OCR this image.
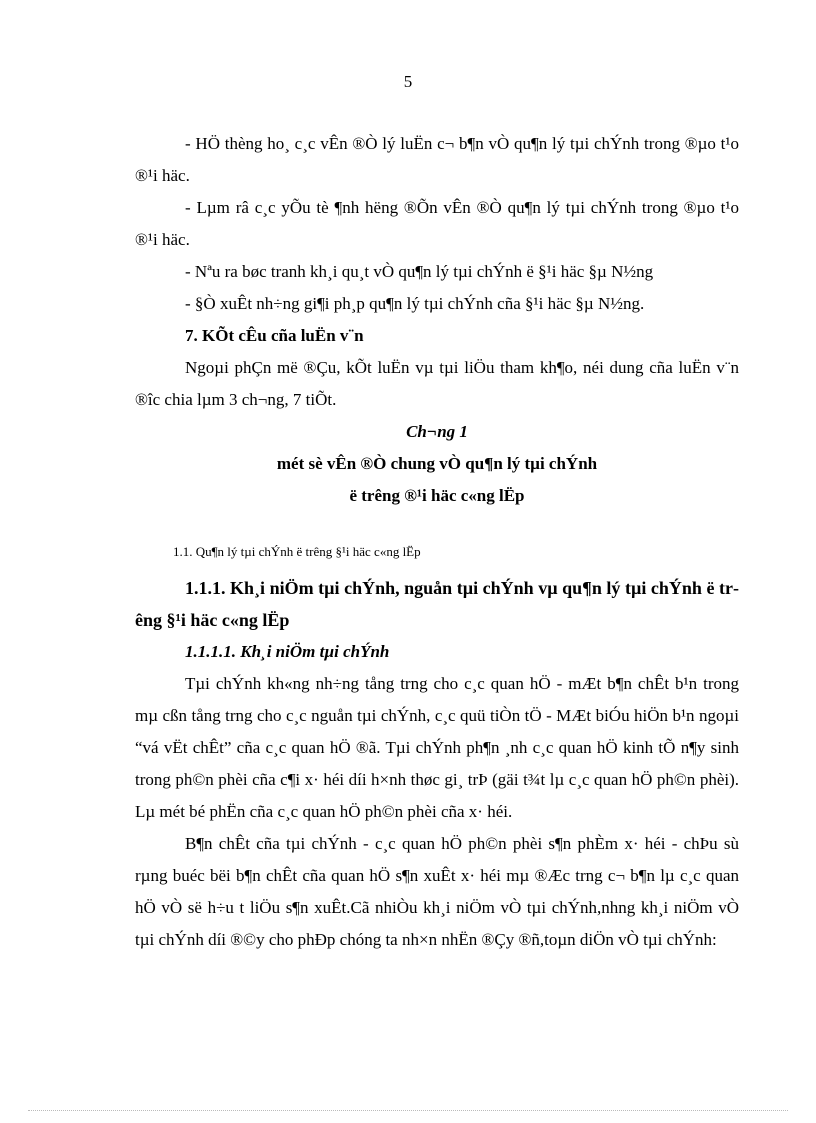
5
- HÖ thèng ho¸ c¸c vÊn ®Ò lý luËn c¬ b¶n vÒ qu¶n lý tµi chÝnh trong ®µo t¹o ®¹i häc.
- Lµm râ c¸c yÕu tè ¶nh hëng ®Õn vÊn ®Ò qu¶n lý tµi chÝnh trong ®µo t¹o ®¹i häc.
- Nªu ra bøc tranh kh¸i qu¸t vÒ qu¶n lý tµi chÝnh ë §¹i häc §µ N½ng
- §Ò xuÊt nh÷ng gi¶i ph¸p qu¶n lý tµi chÝnh cña §¹i häc §µ N½ng.
7. KÕt cÊu cña luËn v¨n
Ngoµi phÇn më ®Çu, kÕt luËn vµ tµi liÖu tham kh¶o, néi dung cña luËn v¨n ®îc chia lµm 3 ch¬ng, 7 tiÕt.
Ch¬ng 1
mét sè vÊn ®Ò chung vÒ qu¶n lý tµi chÝnh
ë trêng ®¹i häc c«ng lËp
1.1. Qu¶n lý tµi chÝnh ë trêng §¹i häc c«ng lËp
1.1.1. Kh¸i niÖm tµi chÝnh, nguån tµi chÝnh vµ qu¶n lý tµi chÝnh ë trêng §¹i häc c«ng lËp
1.1.1.1. Kh¸i niÖm tµi chÝnh
Tµi chÝnh kh«ng nh÷ng tång trng cho c¸c quan hÖ - mÆt b¶n chÊt b¹n trong mµ cßn tång trng cho c¸c nguån tµi chÝnh, c¸c quü tiÒn tÖ - MÆt biÓu hiÖn b¹n ngoµi “vá vËt chÊt” cña c¸c quan hÖ ®ã. Tµi chÝnh ph¶n ¸nh c¸c quan hÖ kinh tÕ n¶y sinh trong ph©n phèi cña c¶i x· héi díi h×nh thøc gi¸ trÞ (gäi t¾t lµ c¸c quan hÖ ph©n phèi). Lµ mét bé phËn cña c¸c quan hÖ ph©n phèi cña x· héi.
B¶n chÊt cña tµi chÝnh - c¸c quan hÖ ph©n phèi s¶n phÈm x· héi - chÞu sù rµng buéc bëi b¶n chÊt cña quan hÖ s¶n xuÊt x· héi mµ ®Æc trng c¬ b¶n lµ c¸c quan hÖ vÒ së h÷u t liÖu s¶n xuÊt.Cã nhiÒu kh¸i niÖm vÒ tµi chÝnh,nhng kh¸i niÖm vÒ tµi chÝnh díi ®©y cho phÐp chóng ta nh×n nhËn ®Çy ®ñ,toµn diÖn vÒ tµi chÝnh:
